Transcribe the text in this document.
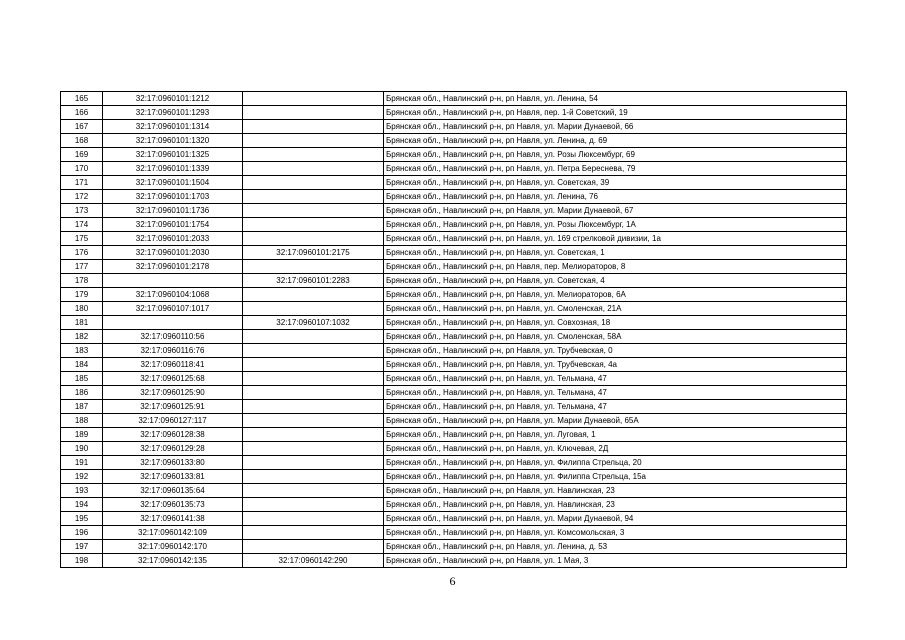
165	32:17:0960101:1212		Брянская обл., Навлинский р-н, рп Навля, ул. Ленина, 54
166	32:17:0960101:1293		Брянская обл., Навлинский р-н, рп Навля, пер. 1-й Советский, 19
167	32:17:0960101:1314		Брянская обл., Навлинский р-н, рп Навля, ул. Марии Дунаевой, 66
168	32:17:0960101:1320		Брянская обл., Навлинский р-н, рп Навля, ул. Ленина, д. 69
169	32:17:0960101:1325		Брянская обл., Навлинский р-н, рп Навля, ул. Розы Люксембург, 69
170	32:17:0960101:1339		Брянская обл., Навлинский р-н, рп Навля, ул. Петра Береснева, 79
171	32:17:0960101:1504		Брянская обл., Навлинский р-н, рп Навля, ул. Советская, 39
172	32:17:0960101:1703		Брянская обл., Навлинский р-н, рп Навля, ул. Ленина, 76
173	32:17:0960101:1736		Брянская обл., Навлинский р-н, рп Навля, ул. Марии Дунаевой, 67
174	32:17:0960101:1754		Брянская обл., Навлинский р-н, рп Навля, ул. Розы Люксембург, 1А
175	32:17:0960101:2033		Брянская обл., Навлинский р-н, рп Навля, ул. 169 стрелковой дивизии, 1а
176	32:17:0960101:2030	32:17:0960101:2175	Брянская обл., Навлинский р-н, рп Навля, ул. Советская, 1
177	32:17:0960101:2178		Брянская обл., Навлинский р-н, рп Навля, пер. Мелиораторов, 8
178		32:17:0960101:2283	Брянская обл., Навлинский р-н, рп Навля, ул. Советская, 4
179	32:17:0960104:1068		Брянская обл., Навлинский р-н, рп Навля, ул. Мелиораторов, 6А
180	32:17:0960107:1017		Брянская обл., Навлинский р-н, рп Навля, ул. Смоленская, 21А
181		32:17:0960107:1032	Брянская обл., Навлинский р-н, рп Навля, ул. Совхозная, 18
182	32:17:0960110:56		Брянская обл., Навлинский р-н, рп Навля, ул. Смоленская, 58А
183	32:17:0960116:76		Брянская обл., Навлинский р-н, рп Навля, ул. Трубчевская, 0
184	32:17:0960118:41		Брянская обл., Навлинский р-н, рп Навля, ул. Трубчевская, 4а
185	32:17:0960125:68		Брянская обл., Навлинский р-н, рп Навля, ул. Тельмана, 47
186	32:17:0960125:90		Брянская обл., Навлинский р-н, рп Навля, ул. Тельмана, 47
187	32:17:0960125:91		Брянская обл., Навлинский р-н, рп Навля, ул. Тельмана, 47
188	32:17:0960127:117		Брянская обл., Навлинский р-н, рп Навля, ул. Марии Дунаевой, 65А
189	32:17:0960128:38		Брянская обл., Навлинский р-н, рп Навля, ул. Луговая, 1
190	32:17:0960129:28		Брянская обл., Навлинский р-н, рп Навля, ул. Ключевая, 2Д
191	32:17:0960133:80		Брянская обл., Навлинский р-н, рп Навля, ул. Филиппа Стрельца, 20
192	32:17:0960133:81		Брянская обл., Навлинский р-н, рп Навля, ул. Филиппа Стрельца, 15а
193	32:17:0960135:64		Брянская обл., Навлинский р-н, рп Навля, ул. Навлинская, 23
194	32:17:0960135:73		Брянская обл., Навлинский р-н, рп Навля, ул. Навлинская, 23
195	32:17:0960141:38		Брянская обл., Навлинский р-н, рп Навля, ул. Марии Дунаевой, 94
196	32:17:0960142:109		Брянская обл., Навлинский р-н, рп Навля, ул. Комсомольская, 3
197	32:17:0960142:170		Брянская обл., Навлинский р-н, рп Навля, ул. Ленина, д. 53
198	32:17:0960142:135	32:17:0960142:290	Брянская обл., Навлинский р-н, рп Навля, ул. 1 Мая, 3
6
